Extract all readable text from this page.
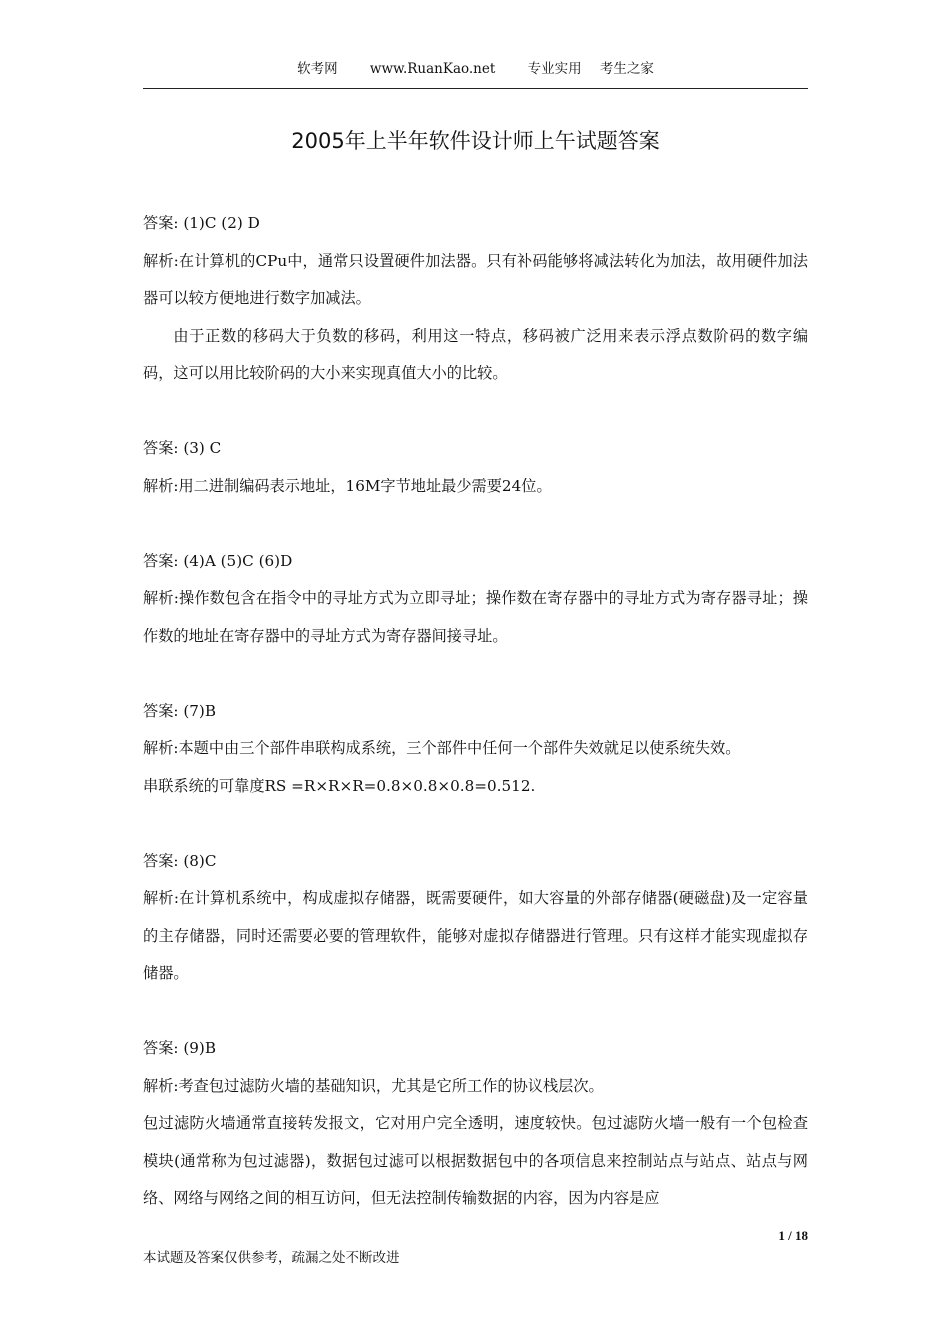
软考网 www.RuanKao.net 专业实用 考生之家
2005年上半年软件设计师上午试题答案

答案: (1)C (2) D

解析:在计算机的CPu中，通常只设置硬件加法器。只有补码能够将减法转化为加法，故用硬件加法器可以较方便地进行数字加减法。

由于正数的移码大于负数的移码，利用这一特点，移码被广泛用来表示浮点数阶码的数字编码，这可以用比较阶码的大小来实现真值大小的比较。

答案: (3) C

解析:用二进制编码表示地址，16M字节地址最少需要24位。

答案: (4)A (5)C (6)D

解析:操作数包含在指令中的寻址方式为立即寻址；操作数在寄存器中的寻址方式为寄存器寻址；操作数的地址在寄存器中的寻址方式为寄存器间接寻址。

答案: (7)B

解析:本题中由三个部件串联构成系统，三个部件中任何一个部件失效就足以使系统失效。

串联系统的可靠度RS =R×R×R=0.8×0.8×0.8=0.512.

答案: (8)C

解析:在计算机系统中，构成虚拟存储器，既需要硬件，如大容量的外部存储器(硬磁盘)及一定容量的主存储器，同时还需要必要的管理软件，能够对虚拟存储器进行管理。只有这样才能实现虚拟存储器。

答案: (9)B

解析:考查包过滤防火墙的基础知识，尤其是它所工作的协议栈层次。

包过滤防火墙通常直接转发报文，它对用户完全透明，速度较快。包过滤防火墙一般有一个包检查模块(通常称为包过滤器)，数据包过滤可以根据数据包中的各项信息来控制站点与站点、站点与网络、网络与网络之间的相互访问，但无法控制传输数据的内容，因为内容是应

1 / 18
本试题及答案仅供参考，疏漏之处不断改进
